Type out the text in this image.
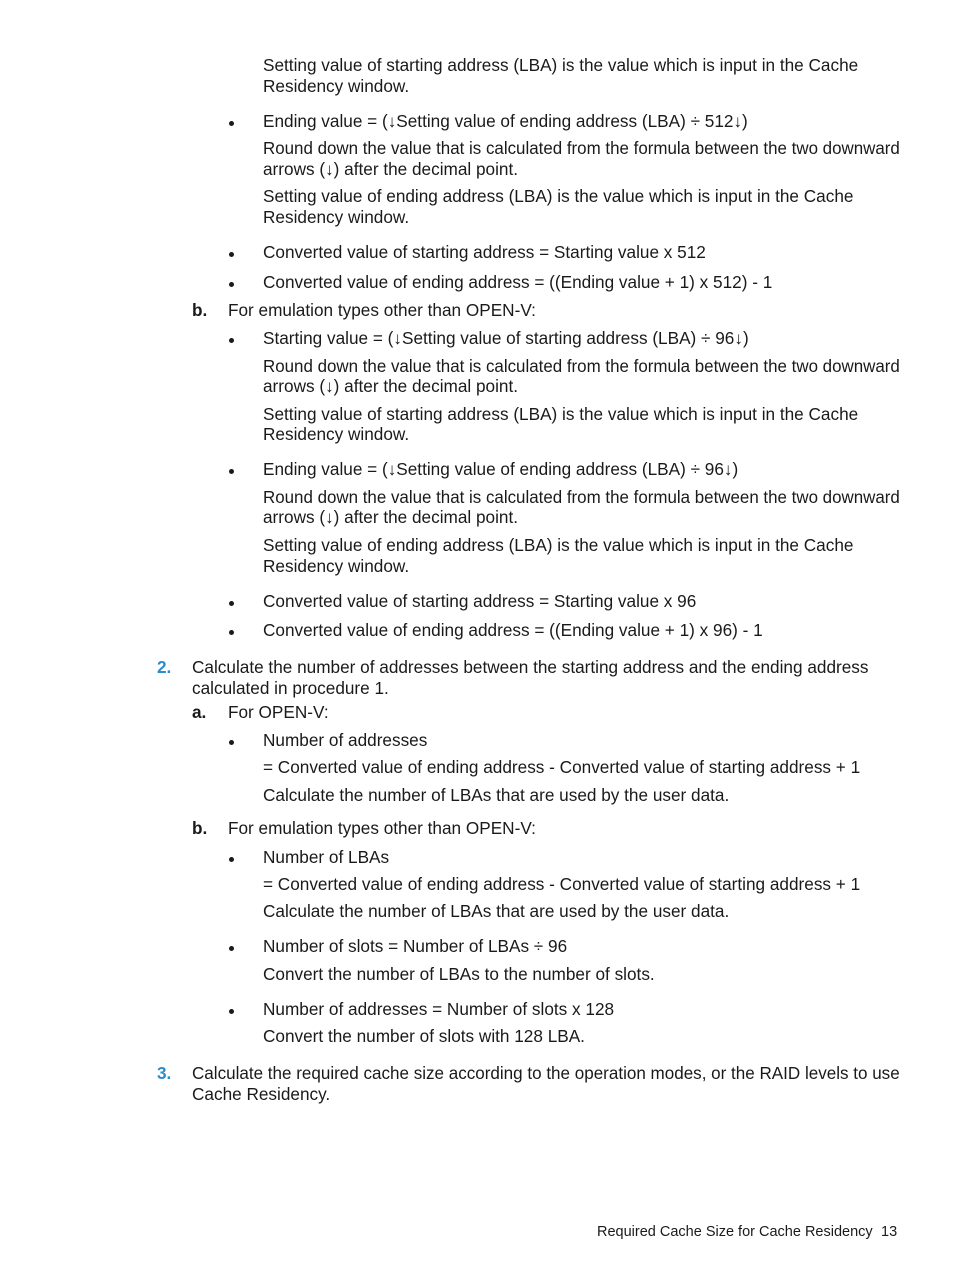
Setting value of starting address (LBA) is the value which is input in the Cache
Residency window.
Ending value = (↓Setting value of ending address (LBA) ÷ 512↓)
Round down the value that is calculated from the formula between the two downward
arrows (↓) after the decimal point.
Setting value of ending address (LBA) is the value which is input in the Cache
Residency window.
Converted value of starting address = Starting value x 512
Converted value of ending address = ((Ending value + 1) x 512) - 1
b. For emulation types other than OPEN-V:
Starting value = (↓Setting value of starting address (LBA) ÷ 96↓)
Round down the value that is calculated from the formula between the two downward
arrows (↓) after the decimal point.
Setting value of starting address (LBA) is the value which is input in the Cache
Residency window.
Ending value = (↓Setting value of ending address (LBA) ÷ 96↓)
Round down the value that is calculated from the formula between the two downward
arrows (↓) after the decimal point.
Setting value of ending address (LBA) is the value which is input in the Cache
Residency window.
Converted value of starting address = Starting value x 96
Converted value of ending address = ((Ending value + 1) x 96) - 1
2. Calculate the number of addresses between the starting address and the ending address
calculated in procedure 1.
a. For OPEN-V:
Number of addresses
= Converted value of ending address - Converted value of starting address + 1
Calculate the number of LBAs that are used by the user data.
b. For emulation types other than OPEN-V:
Number of LBAs
= Converted value of ending address - Converted value of starting address + 1
Calculate the number of LBAs that are used by the user data.
Number of slots = Number of LBAs ÷ 96
Convert the number of LBAs to the number of slots.
Number of addresses = Number of slots x 128
Convert the number of slots with 128 LBA.
3. Calculate the required cache size according to the operation modes, or the RAID levels to use
Cache Residency.
Required Cache Size for Cache Residency 13
